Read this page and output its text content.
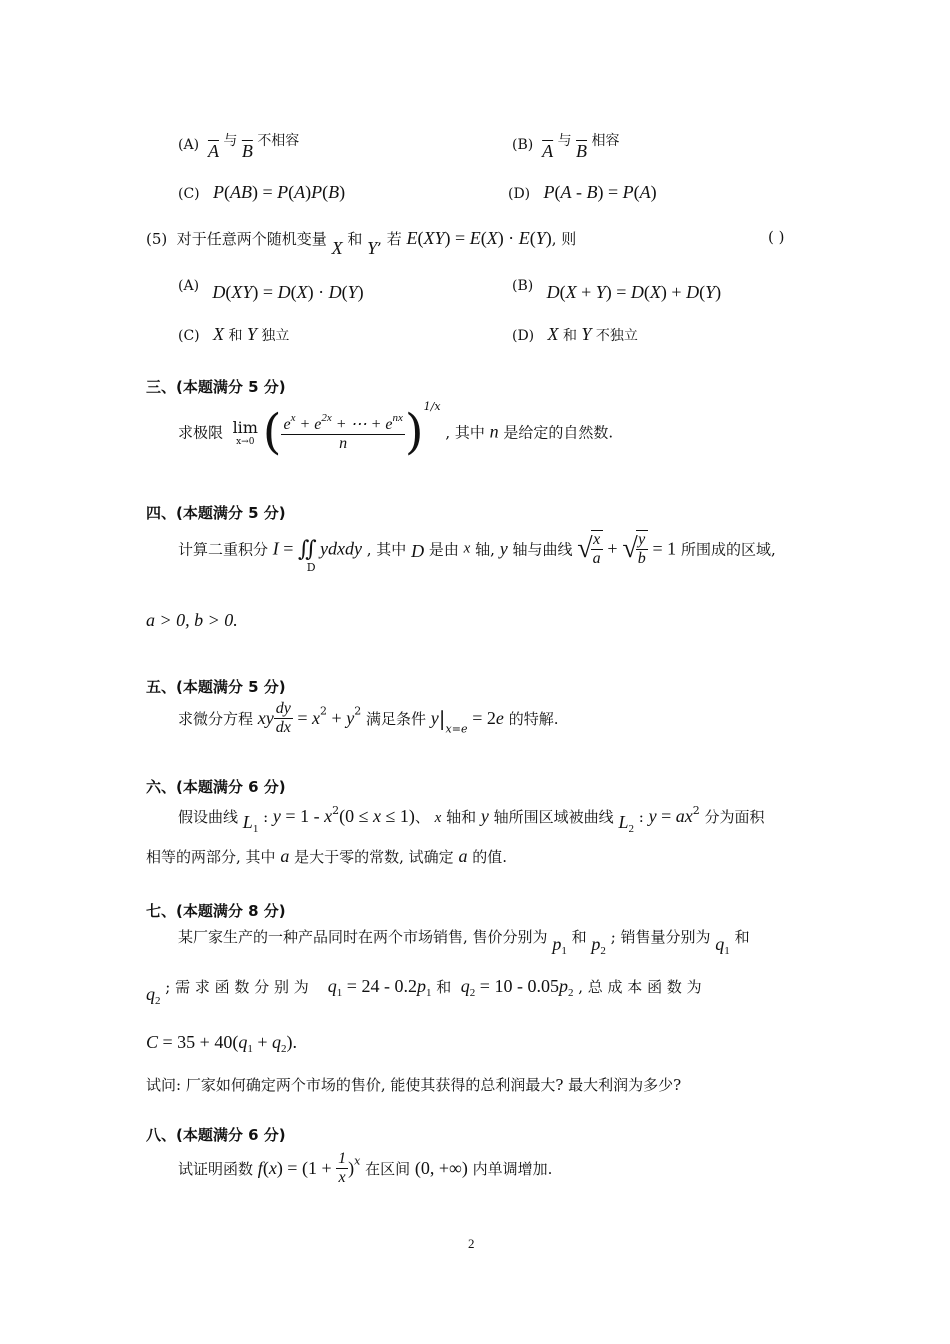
(A) $\overline{A}$ 与 $\overline{B}$ 不相容	(B) $\overline{A}$ 与 $\overline{B}$ 相容
(C) P(AB) = P(A)P(B)	(D) P(A - B) = P(A)
(5) 对于任意两个随机变量 X 和 Y, 若 E(XY) = E(X) · E(Y), 则	( )
(A) D(XY) = D(X) · D(Y)	(B) D(X + Y) = D(X) + D(Y)
(C) X 和 Y 独立	(D) X 和 Y 不独立
三、(本题满分 5 分)
求极限 lim
x→0 ( $\frac{e^x + e^{2x} + \cdots + e^{nx}}{n} )^{1/x}$ , 其中 n 是给定的自然数.
四、(本题满分 5 分)
计算二重积分 $I = ∬_D$ ydxdy , 其中 D 是由 x 轴, y 轴与曲线 √
$\frac{x}{a}$ + √
$\frac{y}{b} = 1$ 所围成的区域,
a > 0, b > 0.
五、(本题满分 5 分)
求微分方程 xy $\frac{dy}{dx} = x^2 + y^2$ 满足条件 $y|_{x=e} = 2e$ 的特解.
六、(本题满分 6 分)
假设曲线 $L_1$ : $y = 1 - x^2(0 \le x \le 1)$、 x 轴和 y 轴所围区域被曲线 $L_2$ : $y = ax^2$ 分为面积
相等的两部分, 其中 a 是大于零的常数, 试确定 a 的值.
七、(本题满分 8 分)
某厂家生产的一种产品同时在两个市场销售, 售价分别为 $p_1$ 和 $p_2$ ; 销售量分别为 $q_1$ 和
$q_2$ ; 需 求 函 数 分 别 为 $q_1 = 24 - 0.2p_1$ 和 $q_2 = 10 - 0.05p_2$ , 总 成 本 函 数 为
$C = 35 + 40(q_1 + q_2)$.
试问: 厂家如何确定两个市场的售价, 能使其获得的总利润最大? 最大利润为多少?
八、(本题满分 6 分)
试证明函数 $f(x) = (1 + \frac{1}{x} )^x$ 在区间 (0, +∞) 内单调增加.
2
